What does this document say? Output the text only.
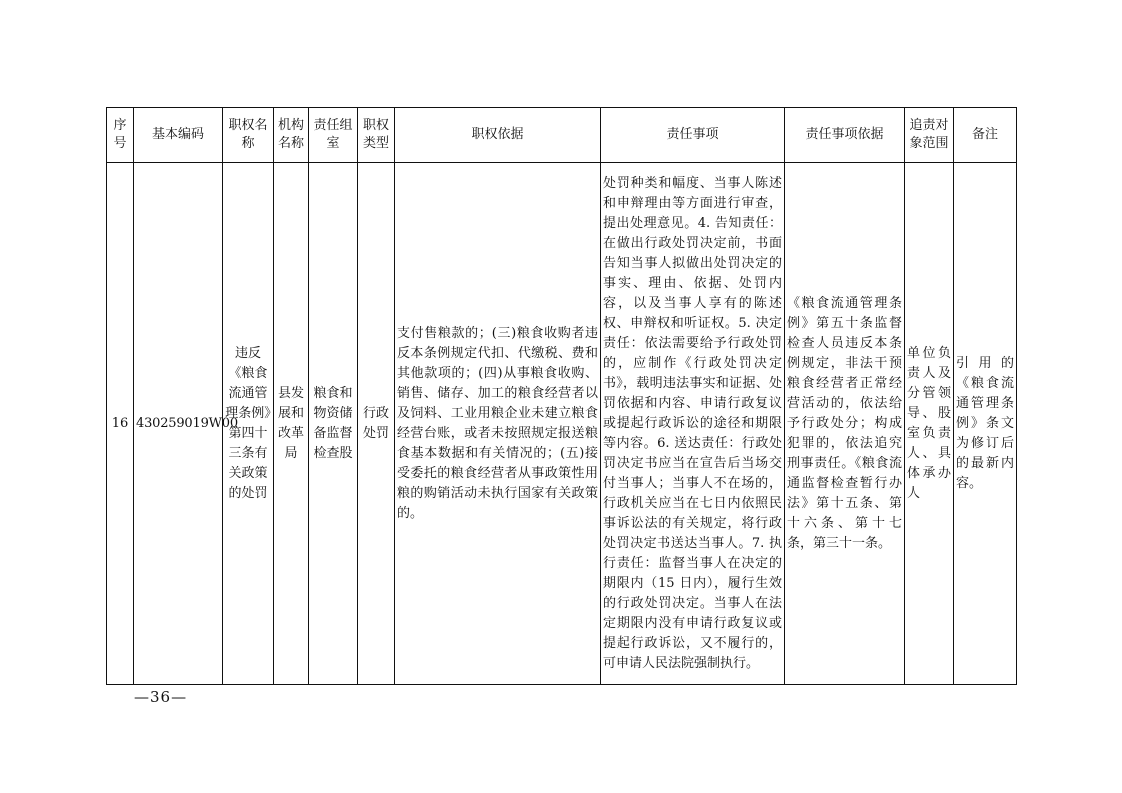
序号	基本编码	职权名称	机构名称	责任组室	职权类型	职权依据	责任事项	责任事项依据	追责对象范围	备注
16	430259019W00	违反《粮食流通管理条例》第四十三条有关政策的处罚	县发展和改革局	粮食和物资储备监督检查股	行政处罚	支付售粮款的；(三)粮食收购者违反本条例规定代扣、代缴税、费和其他款项的；(四)从事粮食收购、销售、储存、加工的粮食经营者以及饲料、工业用粮企业未建立粮食经营台账，或者未按照规定报送粮食基本数据和有关情况的；(五)接受委托的粮食经营者从事政策性用粮的购销活动未执行国家有关政策的。	处罚种类和幅度、当事人陈述和申辩理由等方面进行审查，提出处理意见。4. 告知责任：在做出行政处罚决定前，书面告知当事人拟做出处罚决定的事实、理由、依据、处罚内容，以及当事人享有的陈述权、申辩权和听证权。5. 决定责任：依法需要给予行政处罚的，应制作《行政处罚决定书》，载明违法事实和证据、处罚依据和内容、申请行政复议或提起行政诉讼的途径和期限等内容。6. 送达责任：行政处罚决定书应当在宣告后当场交付当事人；当事人不在场的，行政机关应当在七日内依照民事诉讼法的有关规定，将行政处罚决定书送达当事人。7. 执行责任：监督当事人在决定的期限内（15 日内），履行生效的行政处罚决定。当事人在法定期限内没有申请行政复议或提起行政诉讼，又不履行的，可申请人民法院强制执行。	《粮食流通管理条例》第五十条监督检查人员违反本条例规定，非法干预粮食经营者正常经营活动的，依法给予行政处分；构成犯罪的，依法追究刑事责任。《粮食流通监督检查暂行办法》第十五条、第十六条、第十七条，第三十一条。	单位负责人及分管领导、股室负责人、具体承办人	引用的《粮食流通管理条例》条文为修订后的最新内容。
—36—
